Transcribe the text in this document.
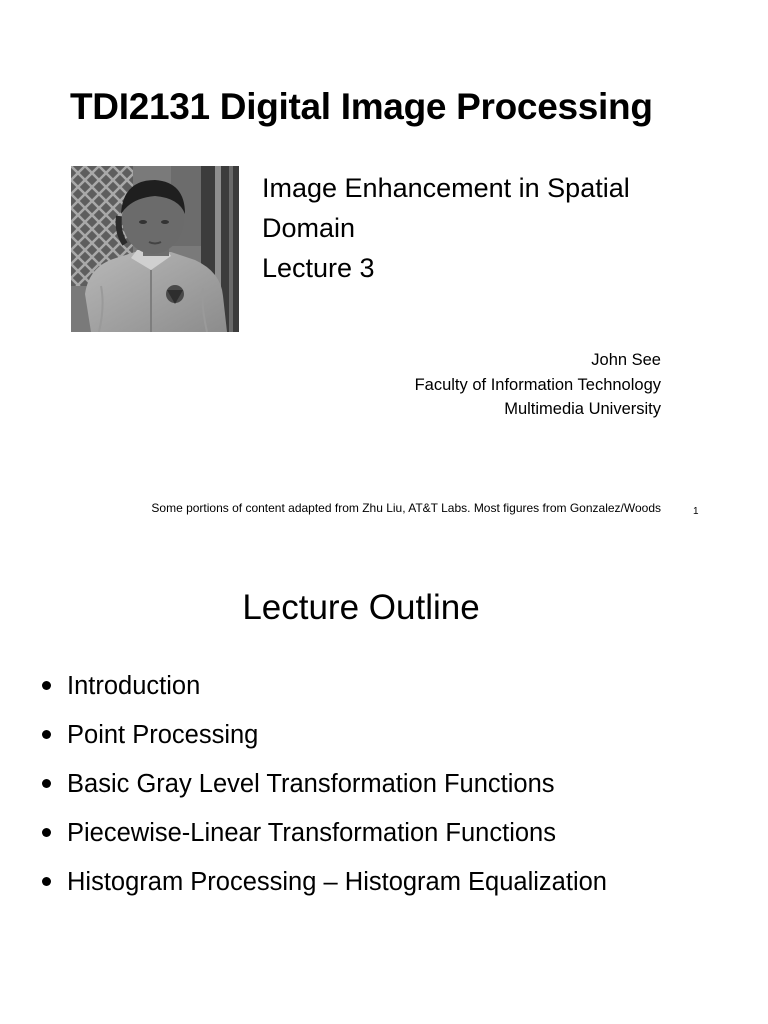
TDI2131 Digital Image Processing
Image Enhancement in Spatial
Domain
Lecture 3
John See
Faculty of Information Technology
Multimedia University
Some portions of content adapted from Zhu Liu, AT&T Labs. Most figures from Gonzalez/Woods	1
Lecture Outline
Introduction
Point Processing
Basic Gray Level Transformation Functions
Piecewise-Linear Transformation Functions
Histogram Processing – Histogram Equalization
